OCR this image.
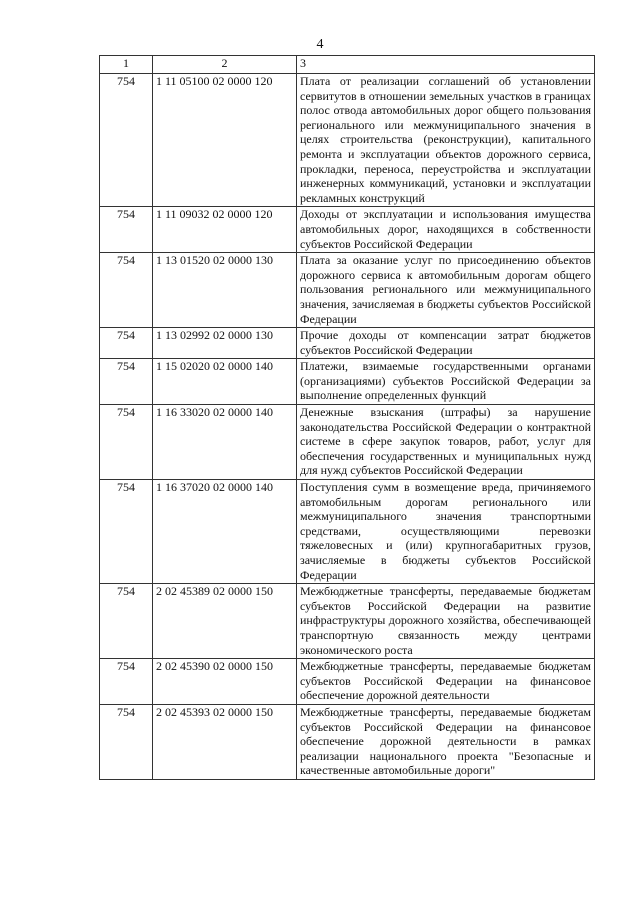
4
1	2	3
754	1 11 05100 02 0000 120	Плата от реализации соглашений об установлении сервитутов в отношении земельных участков в границах полос отвода автомобильных дорог общего пользования регионального или межмуниципального значения в целях строительства (реконструкции), капитального ремонта и эксплуатации объектов дорожного сервиса, прокладки, переноса, переустройства и эксплуатации инженерных коммуникаций, установки и эксплуатации рекламных конструкций
754	1 11 09032 02 0000 120	Доходы от эксплуатации и использования имущества автомобильных дорог, находящихся в собственности субъектов Российской Федерации
754	1 13 01520 02 0000 130	Плата за оказание услуг по присоединению объектов дорожного сервиса к автомобильным дорогам общего пользования регионального или межмуниципального значения, зачисляемая в бюджеты субъектов Российской Федерации
754	1 13 02992 02 0000 130	Прочие доходы от компенсации затрат бюджетов субъектов Российской Федерации
754	1 15 02020 02 0000 140	Платежи, взимаемые государственными органами (организациями) субъектов Российской Федерации за выполнение определенных функций
754	1 16 33020 02 0000 140	Денежные взыскания (штрафы) за нарушение законодательства Российской Федерации о контрактной системе в сфере закупок товаров, работ, услуг для обеспечения государственных и муниципальных нужд для нужд субъектов Российской Федерации
754	1 16 37020 02 0000 140	Поступления сумм в возмещение вреда, причиняемого автомобильным дорогам регионального или межмуниципального значения транспортными средствами, осуществляющими перевозки тяжеловесных и (или) крупногабаритных грузов, зачисляемые в бюджеты субъектов Российской Федерации
754	2 02 45389 02 0000 150	Межбюджетные трансферты, передаваемые бюджетам субъектов Российской Федерации на развитие инфраструктуры дорожного хозяйства, обеспечивающей транспортную связанность между центрами экономического роста
754	2 02 45390 02 0000 150	Межбюджетные трансферты, передаваемые бюджетам субъектов Российской Федерации на финансовое обеспечение дорожной деятельности
754	2 02 45393 02 0000 150	Межбюджетные трансферты, передаваемые бюджетам субъектов Российской Федерации на финансовое обеспечение дорожной деятельности в рамках реализации национального проекта "Безопасные и качественные автомобильные дороги"
